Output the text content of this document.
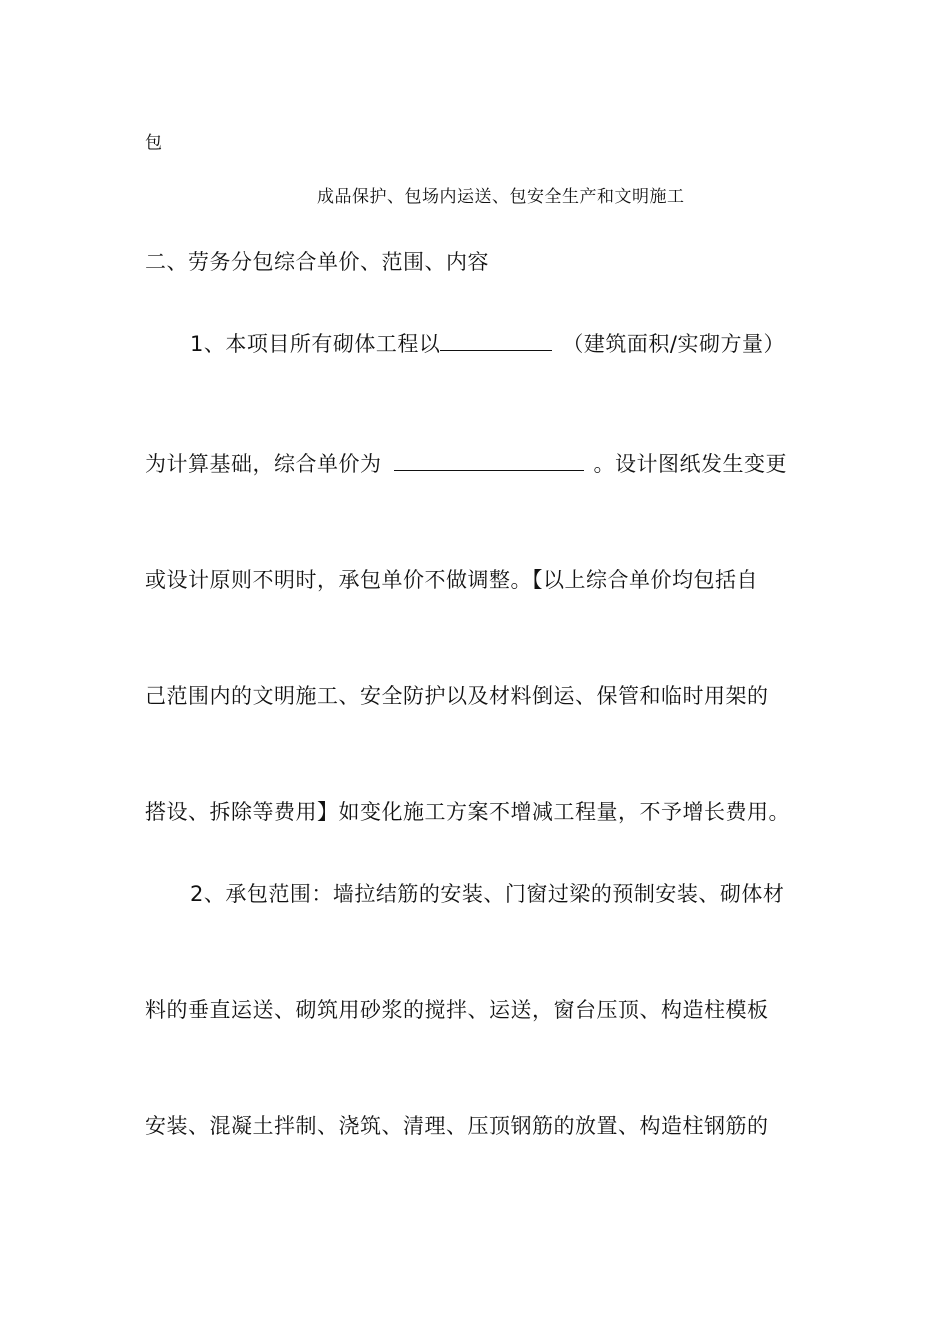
包
成品保护、包场内运送、包安全生产和文明施工
二、劳务分包综合单价、范围、内容
1、本项目所有砌体工程以	（建筑面积/实砌方量）
为计算基础，综合单价为	。设计图纸发生变更
或设计原则不明时，承包单价不做调整。【以上综合单价均包括自
己范围内的文明施工、安全防护以及材料倒运、保管和临时用架的
搭设、拆除等费用】如变化施工方案不增减工程量，不予增长费用。
2、承包范围：墙拉结筋的安装、门窗过梁的预制安装、砌体材
料的垂直运送、砌筑用砂浆的搅拌、运送，窗台压顶、构造柱模板
安装、混凝土拌制、浇筑、清理、压顶钢筋的放置、构造柱钢筋的
